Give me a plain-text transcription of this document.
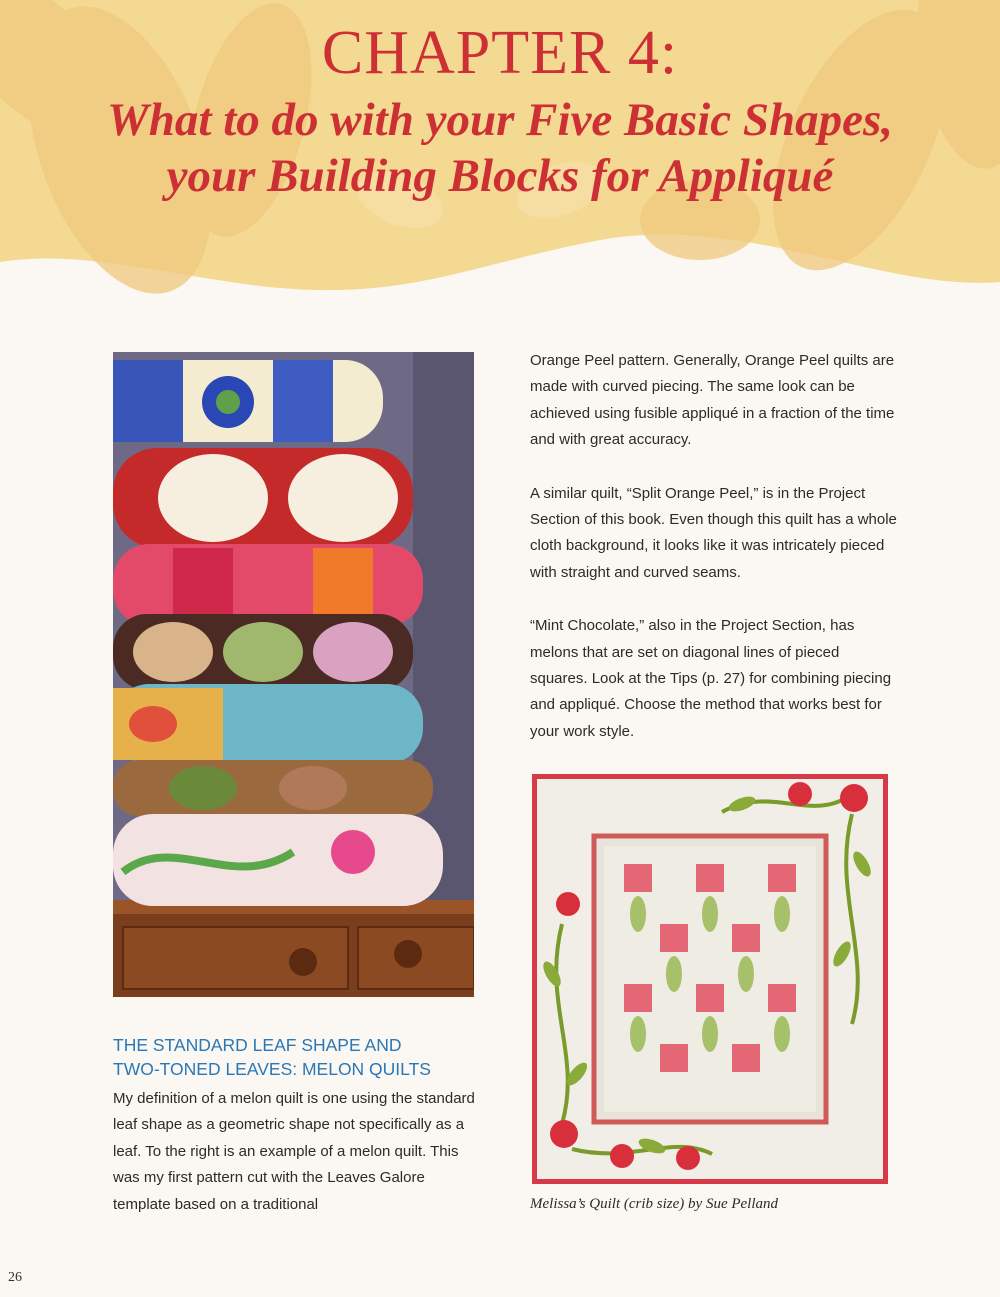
CHAPTER 4:
What to do with your Five Basic Shapes,
your Building Blocks for Appliqué

Orange Peel pattern. Generally, Orange Peel quilts are made with curved piecing. The same look can be achieved using fusible appliqué in a fraction of the time and with great accuracy.

A similar quilt, “Split Orange Peel,” is in the Project Section of this book. Even though this quilt has a whole cloth background, it looks like it was intricately pieced with straight and curved seams.

“Mint Chocolate,” also in the Project Section, has melons that are set on diagonal lines of pieced squares. Look at the Tips (p. 27) for combining piecing and appliqué. Choose the method that works best for your work style.

Melissa’s Quilt (crib size) by Sue Pelland
THE STANDARD LEAF SHAPE AND
TWO-TONED LEAVES: MELON QUILTS

My definition of a melon quilt is one using the standard leaf shape as a geometric shape not specifically as a leaf. To the right is an example of a melon quilt. This was my first pattern cut with the Leaves Galore template based on a traditional

26
